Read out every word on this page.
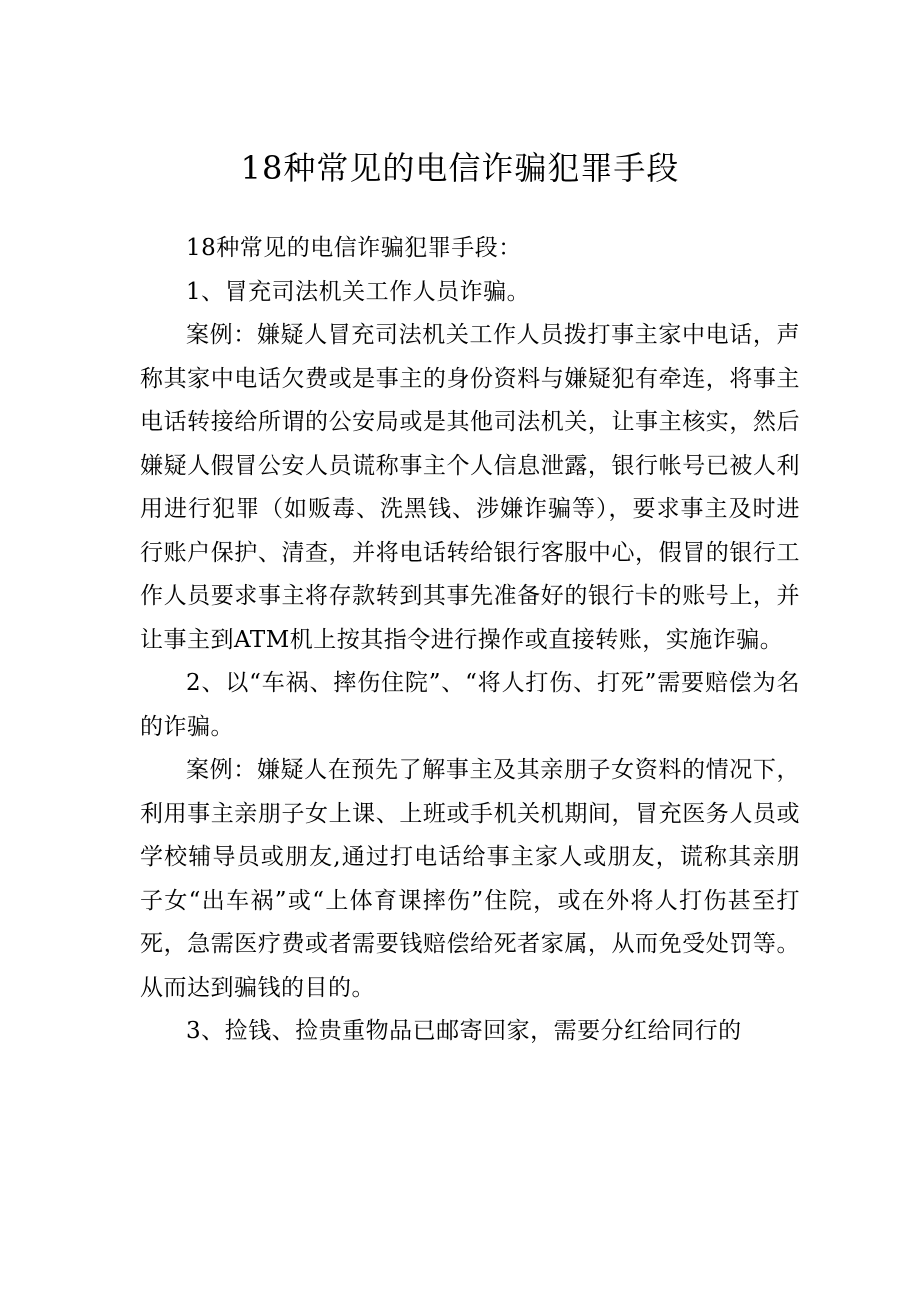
18种常见的电信诈骗犯罪手段

18种常见的电信诈骗犯罪手段：

1、冒充司法机关工作人员诈骗。

案例：嫌疑人冒充司法机关工作人员拨打事主家中电话，声称其家中电话欠费或是事主的身份资料与嫌疑犯有牵连，将事主电话转接给所谓的公安局或是其他司法机关，让事主核实，然后嫌疑人假冒公安人员谎称事主个人信息泄露，银行帐号已被人利用进行犯罪（如贩毒、洗黑钱、涉嫌诈骗等），要求事主及时进行账户保护、清查，并将电话转给银行客服中心，假冒的银行工作人员要求事主将存款转到其事先准备好的银行卡的账号上，并让事主到ATM机上按其指令进行操作或直接转账，实施诈骗。

2、以“车祸、摔伤住院”、“将人打伤、打死”需要赔偿为名的诈骗。

案例：嫌疑人在预先了解事主及其亲朋子女资料的情况下，利用事主亲朋子女上课、上班或手机关机期间，冒充医务人员或学校辅导员或朋友,通过打电话给事主家人或朋友，谎称其亲朋子女“出车祸”或“上体育课摔伤”住院，或在外将人打伤甚至打死，急需医疗费或者需要钱赔偿给死者家属，从而免受处罚等。从而达到骗钱的目的。

3、捡钱、捡贵重物品已邮寄回家，需要分红给同行的
